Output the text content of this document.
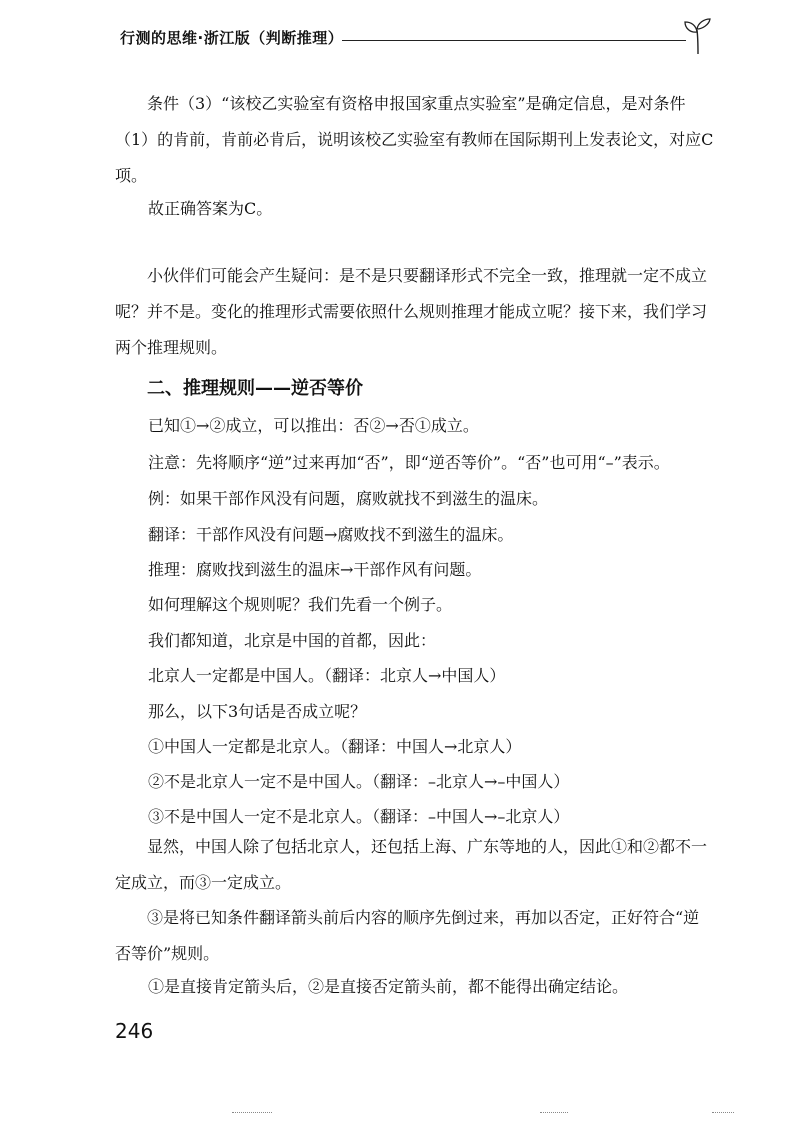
行测的思维·浙江版（判断推理）

条件（3）“该校乙实验室有资格申报国家重点实验室”是确定信息，是对条件（1）的肯前，肯前必肯后，说明该校乙实验室有教师在国际期刊上发表论文，对应C项。

故正确答案为C。

小伙伴们可能会产生疑问：是不是只要翻译形式不完全一致，推理就一定不成立呢？并不是。变化的推理形式需要依照什么规则推理才能成立呢？接下来，我们学习两个推理规则。

二、推理规则——逆否等价

已知①→②成立，可以推出：否②→否①成立。

注意：先将顺序“逆”过来再加“否”，即“逆否等价”。“否”也可用“–”表示。

例：如果干部作风没有问题，腐败就找不到滋生的温床。

翻译：干部作风没有问题→腐败找不到滋生的温床。

推理：腐败找到滋生的温床→干部作风有问题。

如何理解这个规则呢？我们先看一个例子。

我们都知道，北京是中国的首都，因此：

北京人一定都是中国人。（翻译：北京人→中国人）

那么，以下3句话是否成立呢？

①中国人一定都是北京人。（翻译：中国人→北京人）

②不是北京人一定不是中国人。（翻译：–北京人→–中国人）

③不是中国人一定不是北京人。（翻译：–中国人→–北京人）

显然，中国人除了包括北京人，还包括上海、广东等地的人，因此①和②都不一定成立，而③一定成立。

③是将已知条件翻译箭头前后内容的顺序先倒过来，再加以否定，正好符合“逆否等价”规则。

①是直接肯定箭头后，②是直接否定箭头前，都不能得出确定结论。

246
